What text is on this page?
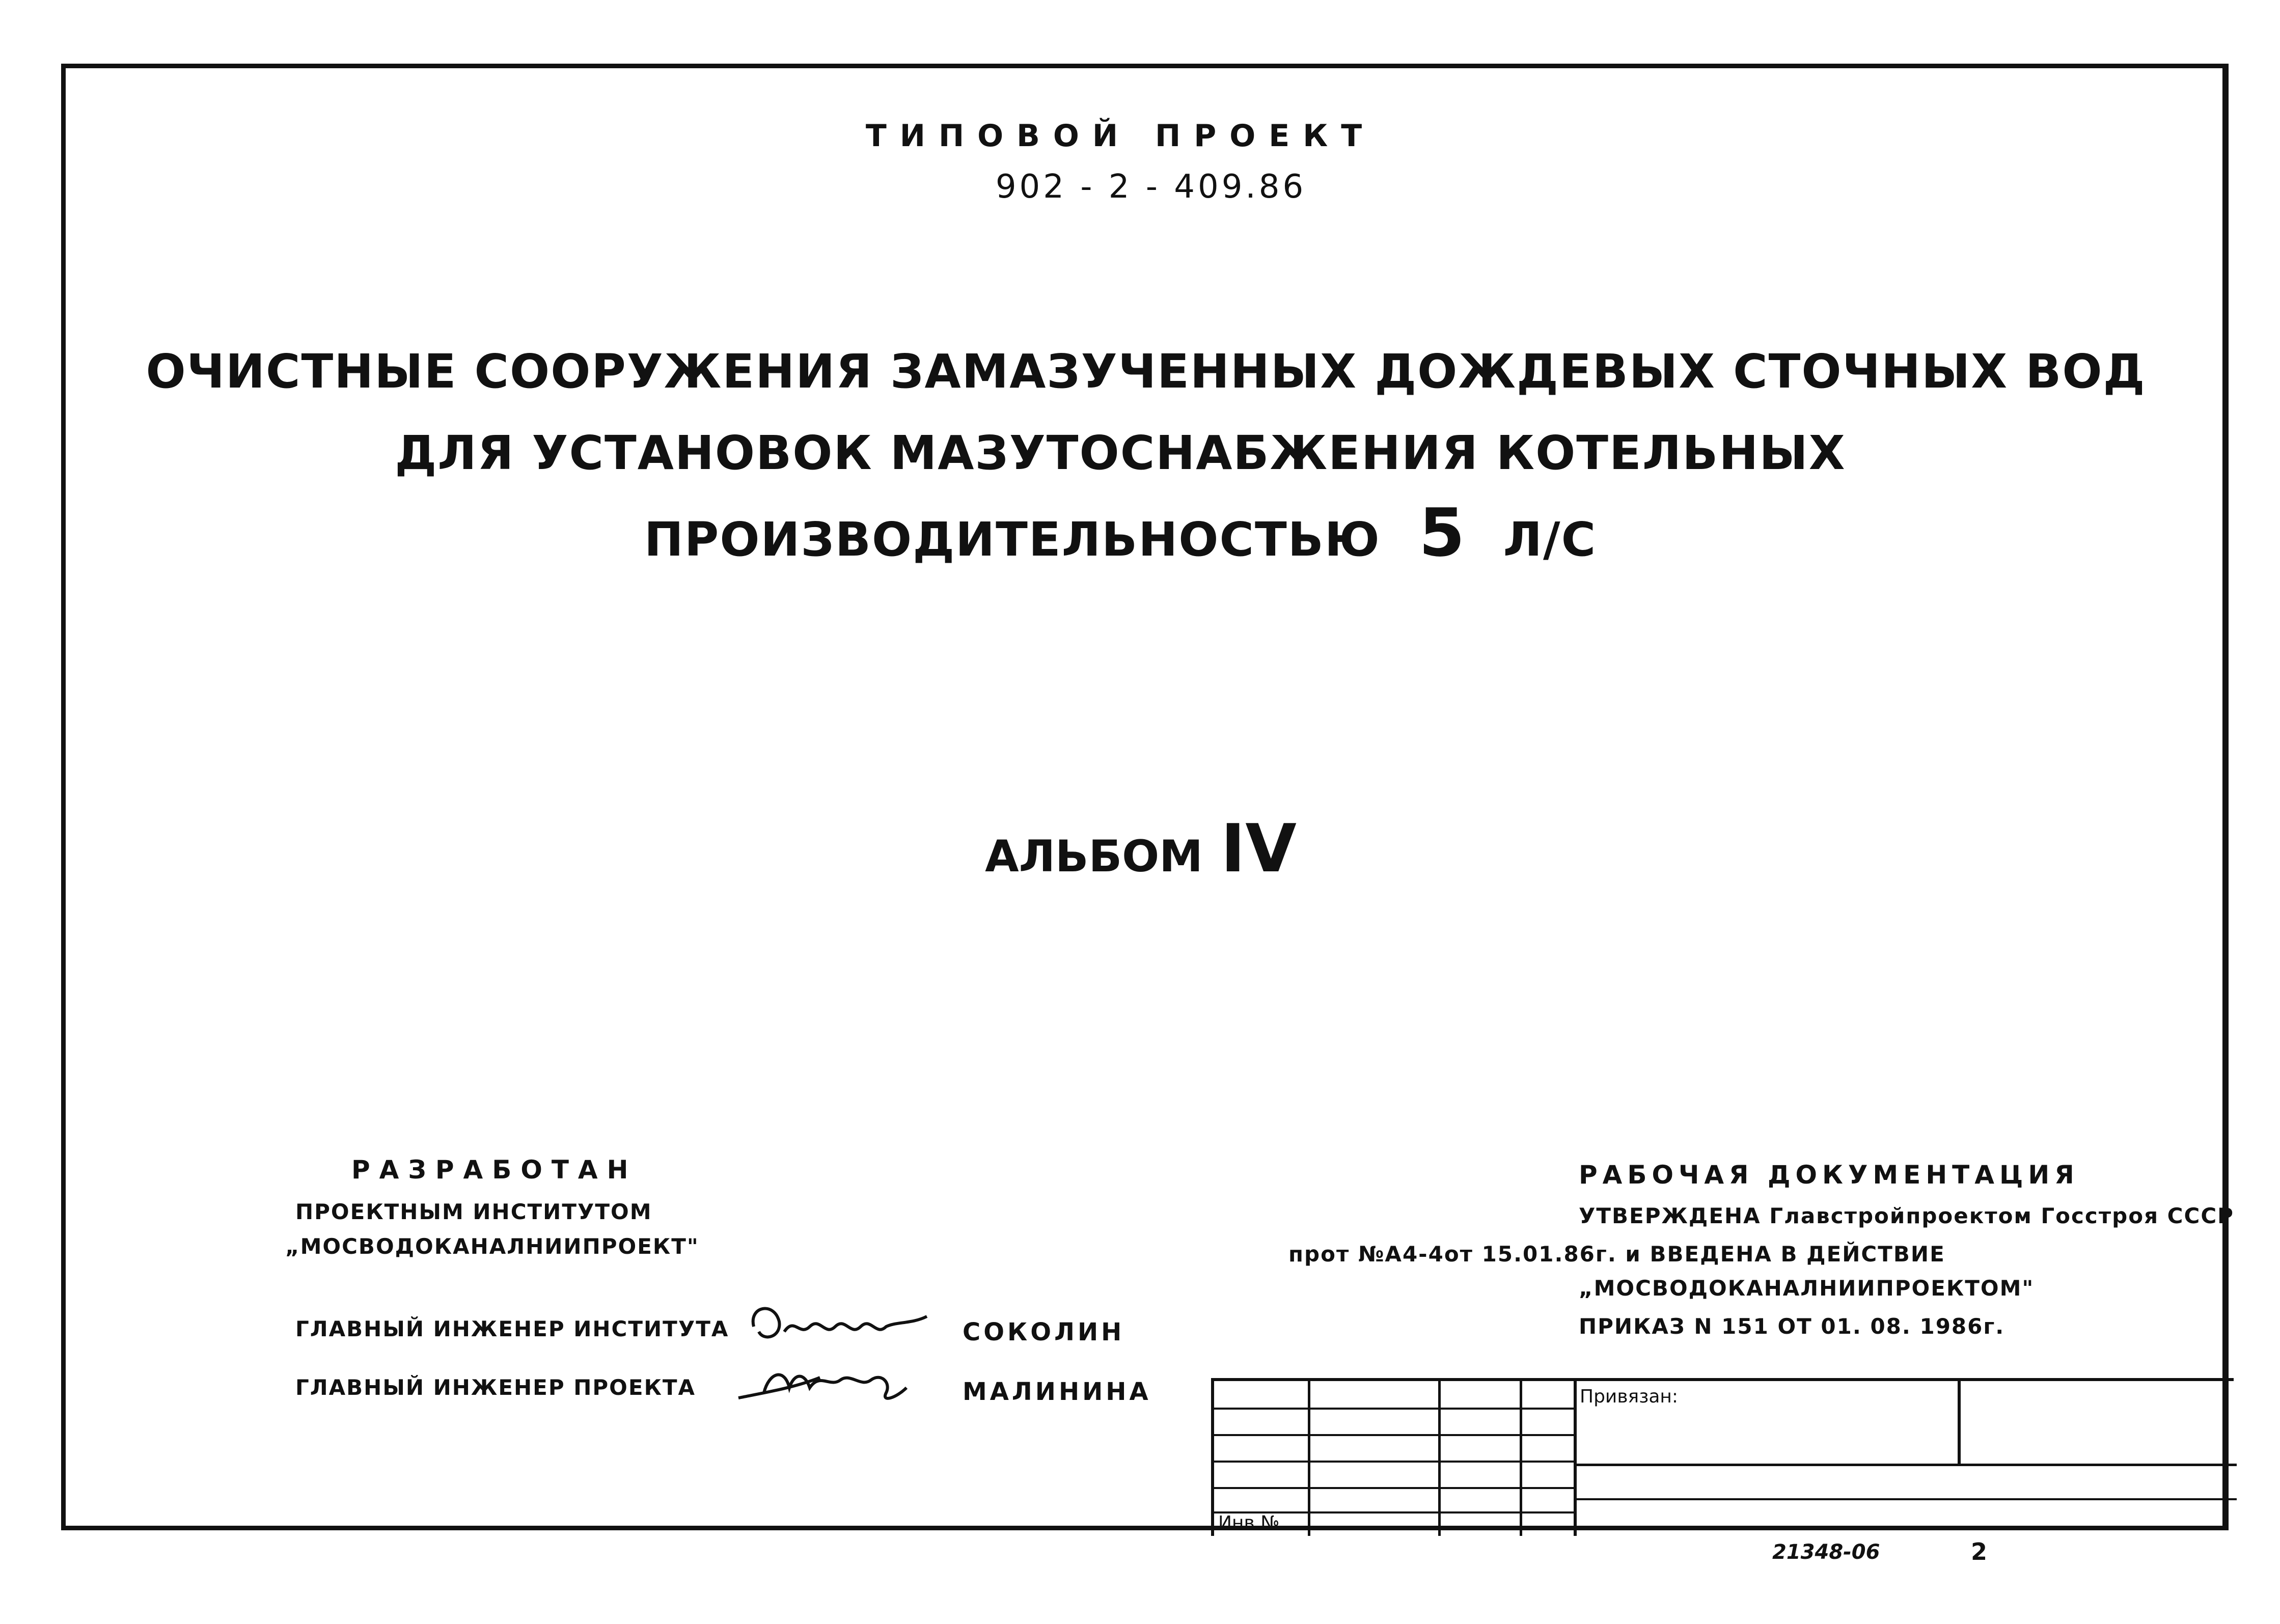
ТИПОВОЙ ПРОЕКТ
902 - 2 - 409.86
ОЧИСТНЫЕ СООРУЖЕНИЯ ЗАМАЗУЧЕННЫХ ДОЖДЕВЫХ СТОЧНЫХ ВОД
ДЛЯ УСТАНОВОК МАЗУТОСНАБЖЕНИЯ КОТЕЛЬНЫХ
ПРОИЗВОДИТЕЛЬНОСТЬЮ 5 Л/С
АЛЬБОМ IV
РАЗРАБОТАН
ПРОЕКТНЫМ ИНСТИТУТОМ
„МОСВОДОКАНАЛНИИПРОЕКТ"
ГЛАВНЫЙ ИНЖЕНЕР ИНСТИТУТА	СОКОЛИН
ГЛАВНЫЙ ИНЖЕНЕР ПРОЕКТА	МАЛИНИНА
РАБОЧАЯ ДОКУМЕНТАЦИЯ
УТВЕРЖДЕНА Главстройпроектом Госстроя СССР
прот №А4-4от 15.01.86г. и ВВЕДЕНА В ДЕЙСТВИЕ
„МОСВОДОКАНАЛНИИПРОЕКТОМ"
ПРИКАЗ N 151 ОТ 01. 08. 1986г.
Привязан:
Инв №
21348-06	2
